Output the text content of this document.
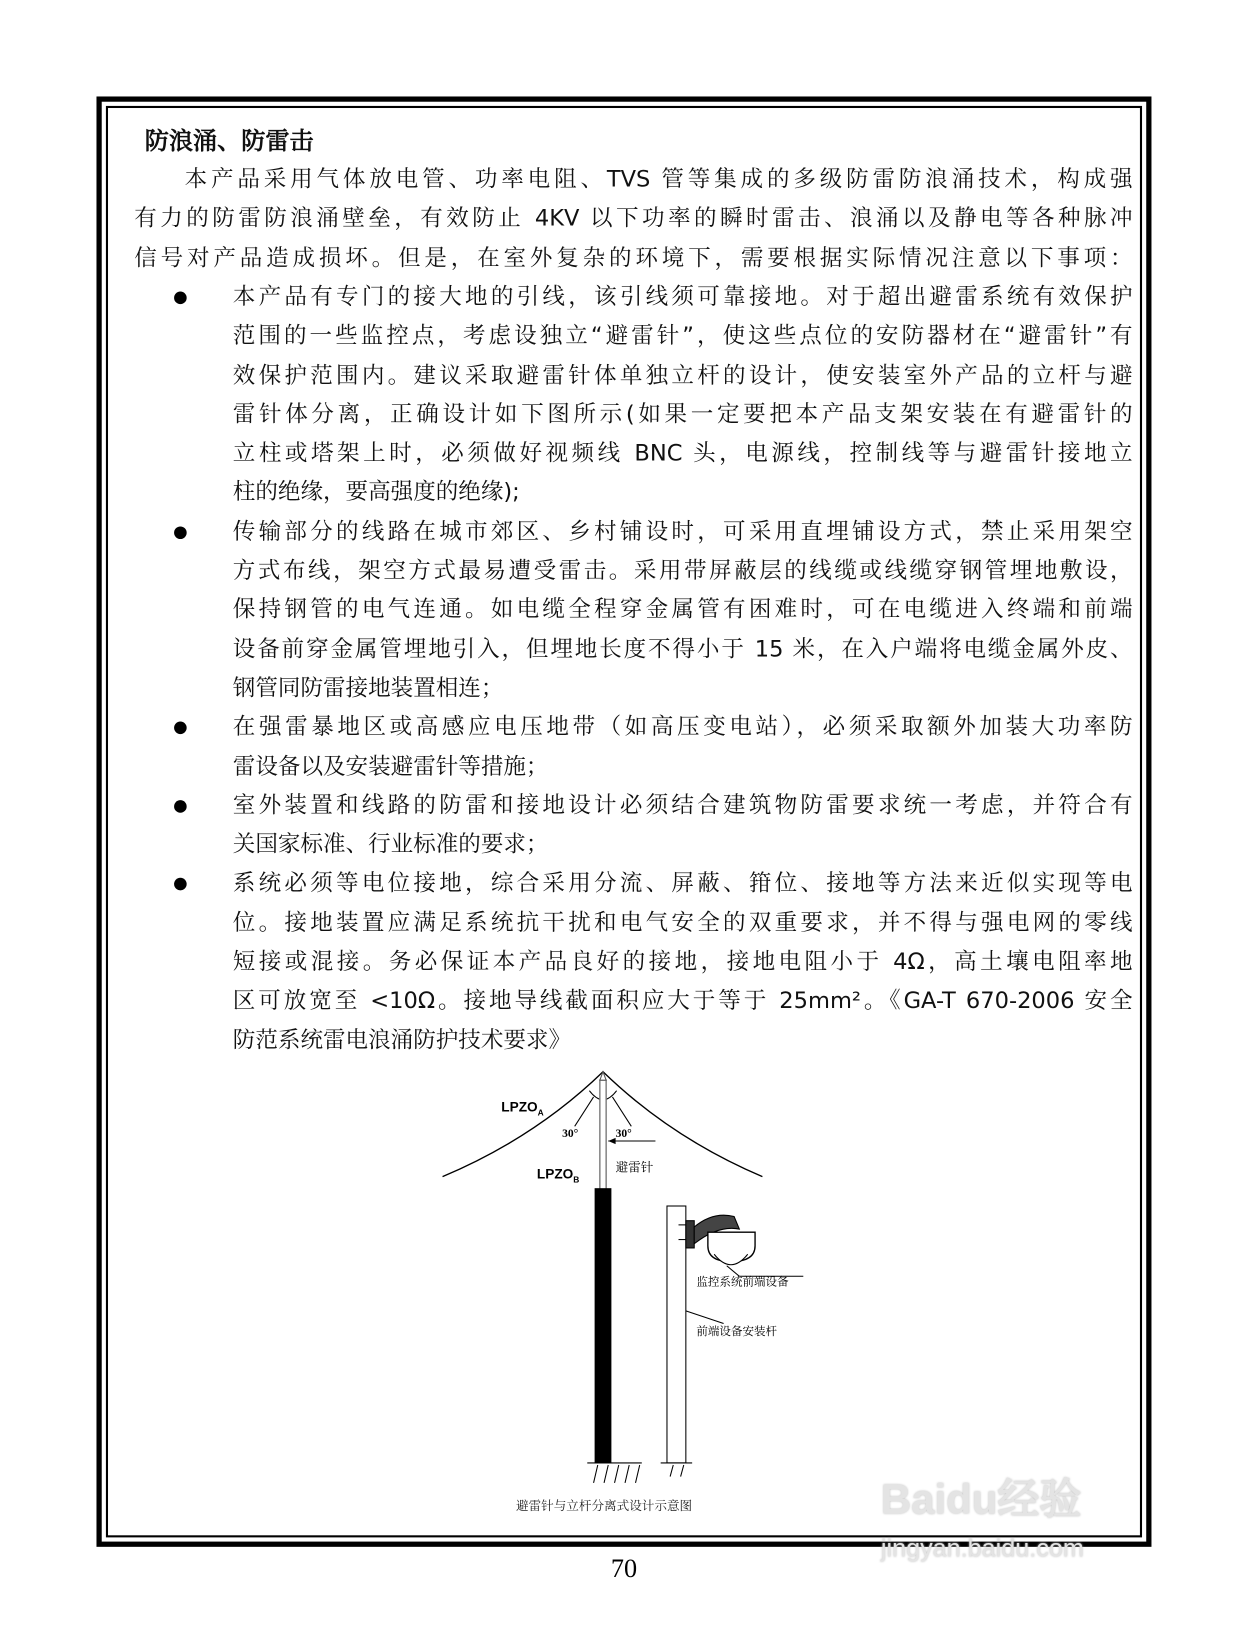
防浪涌、防雷击
本产品采用气体放电管、功率电阻、TVS 管等集成的多级防雷防浪涌技术，构成强
有力的防雷防浪涌壁垒，有效防止 4KV 以下功率的瞬时雷击、浪涌以及静电等各种脉冲
信号对产品造成损坏。但是，在室外复杂的环境下，需要根据实际情况注意以下事项：
本产品有专门的接大地的引线，该引线须可靠接地。对于超出避雷系统有效保护
范围的一些监控点，考虑设独立“避雷针”，使这些点位的安防器材在“避雷针”有
效保护范围内。建议采取避雷针体单独立杆的设计，使安装室外产品的立杆与避
雷针体分离，正确设计如下图所示(如果一定要把本产品支架安装在有避雷针的
立柱或塔架上时，必须做好视频线 BNC 头，电源线，控制线等与避雷针接地立
柱的绝缘，要高强度的绝缘);
传输部分的线路在城市郊区、乡村铺设时，可采用直埋铺设方式，禁止采用架空
方式布线，架空方式最易遭受雷击。采用带屏蔽层的线缆或线缆穿钢管埋地敷设，
保持钢管的电气连通。如电缆全程穿金属管有困难时，可在电缆进入终端和前端
设备前穿金属管埋地引入，但埋地长度不得小于 15 米，在入户端将电缆金属外皮、
钢管同防雷接地装置相连；
在强雷暴地区或高感应电压地带（如高压变电站），必须采取额外加装大功率防
雷设备以及安装避雷针等措施；
室外装置和线路的防雷和接地设计必须结合建筑物防雷要求统一考虑，并符合有
关国家标准、行业标准的要求；
系统必须等电位接地，综合采用分流、屏蔽、箝位、接地等方法来近似实现等电
位。接地装置应满足系统抗干扰和电气安全的双重要求，并不得与强电网的零线
短接或混接。务必保证本产品良好的接地，接地电阻小于 4Ω，高土壤电阻率地
区可放宽至 <10Ω。接地导线截面积应大于等于 25mm²。《GA-T 670-2006 安全
防范系统雷电浪涌防护技术要求》
$LPZO_A$
30°	30°
避雷针
$LPZO_B$
监控系统前端设备
前端设备安装杆
避雷针与立杆分离式设计示意图
70
Baidu经验
jingyan.baidu.com
